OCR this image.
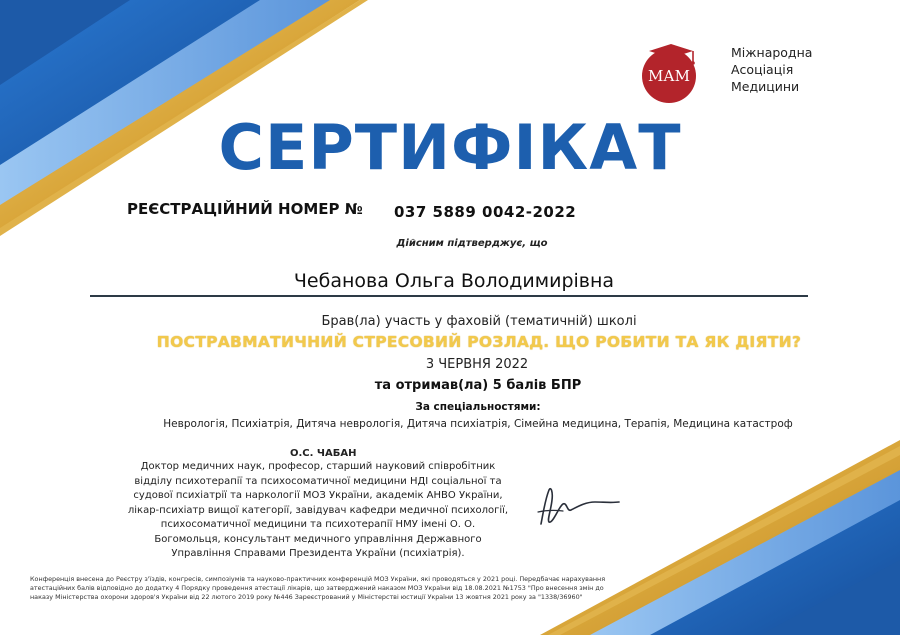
МАМ
Міжнародна
Асоціація
Медицини
СЕРТИФІКАТ
РЕЄСТРАЦІЙНИЙ НОМЕР № 037 5889 0042-2022
Дійсним підтверджує, що
Чебанова Ольга Володимирівна
Брав(ла) участь у фаховій (тематичній) школі
ПОСТРАВМАТИЧНИЙ СТРЕСОВИЙ РОЗЛАД. ЩО РОБИТИ ТА ЯК ДІЯТИ?
3 ЧЕРВНЯ 2022
та отримав(ла) 5 балів БПР
За спеціальностями:
Неврологія, Психіатрія, Дитяча неврологія, Дитяча психіатрія, Сімейна медицина, Терапія, Медицина катастроф
О.С. ЧАБАН
Доктор медичних наук, професор, старший науковий співробітник
відділу психотерапії та психосоматичної медицини НДІ соціальної та
судової психіатрії та наркології МОЗ України, академік АНВО України,
лікар-психіатр вищої категорії, завідувач кафедри медичної психології,
психосоматичної медицини та психотерапії НМУ імені О. О.
Богомольця, консультант медичного управління Державного
Управління Справами Президента України (психіатрія).
Конференція внесена до Реєстру з'їздів, конгресів, симпозіумів та науково-практичних конференцій МОЗ України, які проводяться у 2021 році. Передбачає нарахування
атестаційних балів відповідно до додатку 4 Порядку проведення атестації лікарів, що затверджений наказом МОЗ України від 18.08.2021 №1753 "Про внесення змін до
наказу Міністерства охорони здоров'я України від 22 лютого 2019 року №446 Зареєстрований у Міністерстві юстиції України 13 жовтня 2021 року за "1338/36960"
